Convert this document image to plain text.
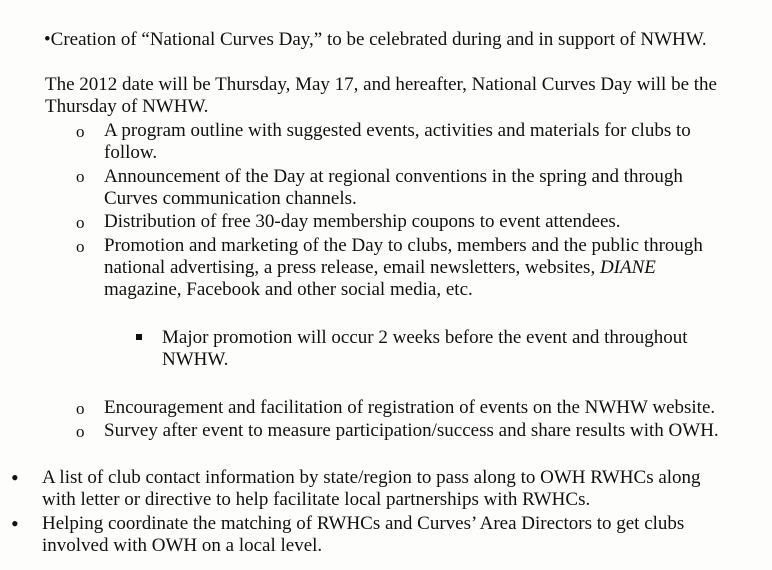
•Creation of “National Curves Day,” to be celebrated during and in support of NWHW.
The 2012 date will be Thursday, May 17, and hereafter, National Curves Day will be the
Thursday of NWHW.
o A program outline with suggested events, activities and materials for clubs to
follow.
o Announcement of the Day at regional conventions in the spring and through
Curves communication channels.
o Distribution of free 30-day membership coupons to event attendees.
o Promotion and marketing of the Day to clubs, members and the public through
national advertising, a press release, email newsletters, websites, DIANE
magazine, Facebook and other social media, etc.
Major promotion will occur 2 weeks before the event and throughout
NWHW.
o Encouragement and facilitation of registration of events on the NWHW website.
o Survey after event to measure participation/success and share results with OWH.
• A list of club contact information by state/region to pass along to OWH RWHCs along
with letter or directive to help facilitate local partnerships with RWHCs.
• Helping coordinate the matching of RWHCs and Curves’ Area Directors to get clubs
involved with OWH on a local level.
